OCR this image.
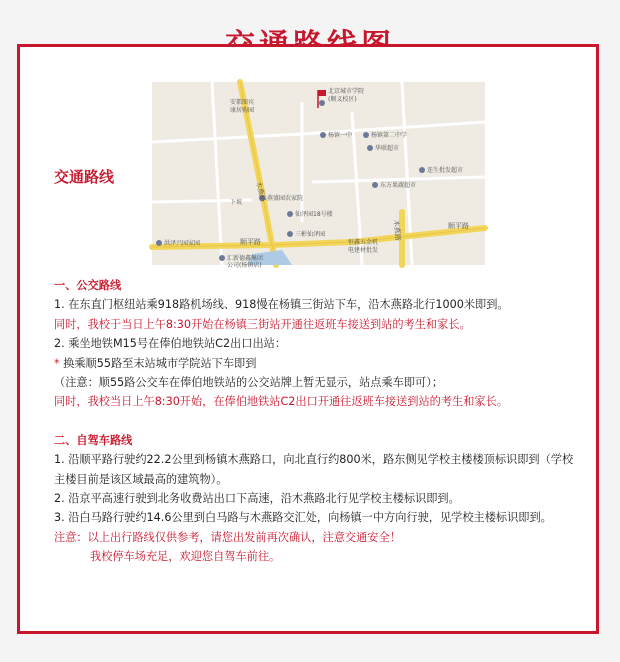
交通路线
北京城市学院
(顺义校区)
杨镇一中	杨镇第二中学
华联超市
连生批发超市
东方果蔬超市
燕盛园农家院
仙泽园18号楼
三彬仙泽园
恒鑫五金机
电建材批发
洪泽兴园家园
汇新德鑫集团
公司(杨镇店)
下坡
安都图宾
康居购园
木燕路
木燕路
顺平路
顺平路

一、公交路线

1. 在东直门枢纽站乘918路机场线、918慢在杨镇三街站下车，沿木燕路北行1000米即到。

同时，我校于当日上午8:30开始在杨镇三街站开通往返班车接送到站的考生和家长。

2. 乘坐地铁M15号在俸伯地铁站C2出口出站：

* 换乘顺55路至末站城市学院站下车即到

（注意：顺55路公交车在俸伯地铁站的公交站牌上暂无显示，站点乘车即可）；

同时，我校当日上午8:30开始，在俸伯地铁站C2出口开通往返班车接送到站的考生和家长。

二、自驾车路线

1. 沿顺平路行驶约22.2公里到杨镇木燕路口，向北直行约800米，路东侧见学校主楼楼顶标识即到（学校主楼目前是该区域最高的建筑物）。

2. 沿京平高速行驶到北务收费站出口下高速，沿木燕路北行见学校主楼标识即到。

3. 沿白马路行驶约14.6公里到白马路与木燕路交汇处，向杨镇一中方向行驶，见学校主楼标识即到。

注意：以上出行路线仅供参考，请您出发前再次确认，注意交通安全！

我校停车场充足，欢迎您自驾车前往。
